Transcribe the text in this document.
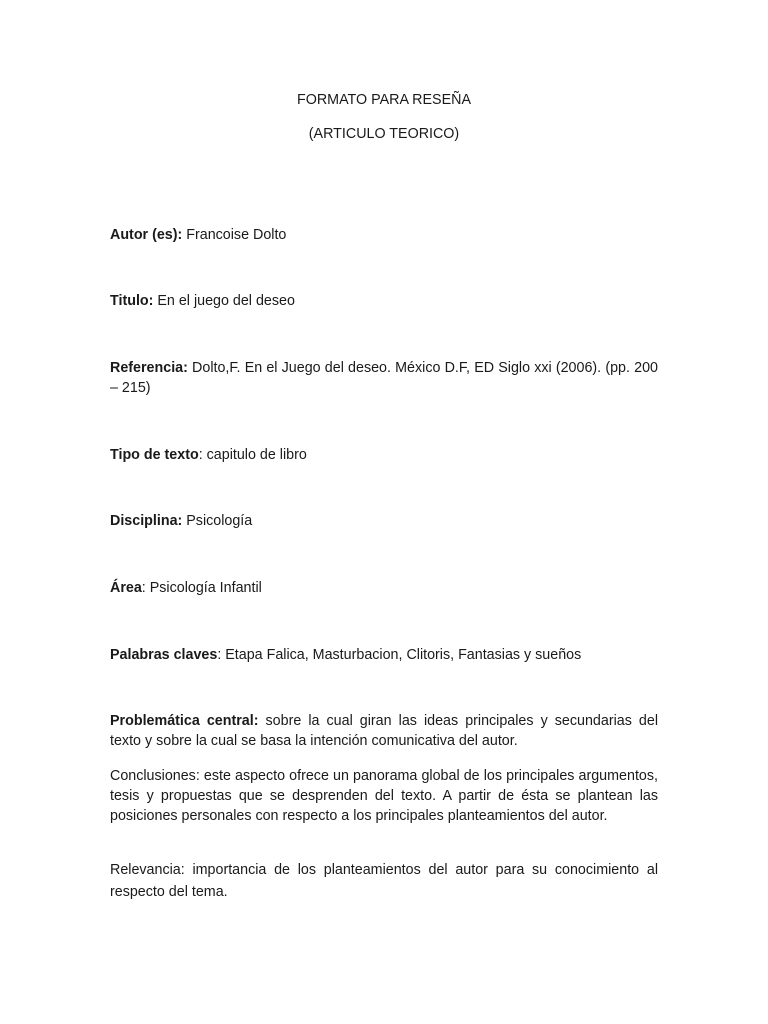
FORMATO PARA RESEÑA
(ARTICULO TEORICO)
Autor (es): Francoise Dolto
Titulo: En el juego del deseo
Referencia: Dolto,F. En el Juego del deseo. México D.F, ED Siglo xxi (2006). (pp. 200 – 215)
Tipo de texto: capitulo de libro
Disciplina: Psicología
Área: Psicología Infantil
Palabras claves: Etapa Falica, Masturbacion, Clitoris, Fantasias y sueños
Problemática central: sobre la cual giran las ideas principales y secundarias del texto y sobre la cual se basa la intención comunicativa del autor.
Conclusiones: este aspecto ofrece un panorama global de los principales argumentos, tesis y propuestas que se desprenden del texto. A partir de ésta se plantean las posiciones personales con respecto a los principales planteamientos del autor.
Relevancia: importancia de los planteamientos del autor para su conocimiento al respecto del tema.
